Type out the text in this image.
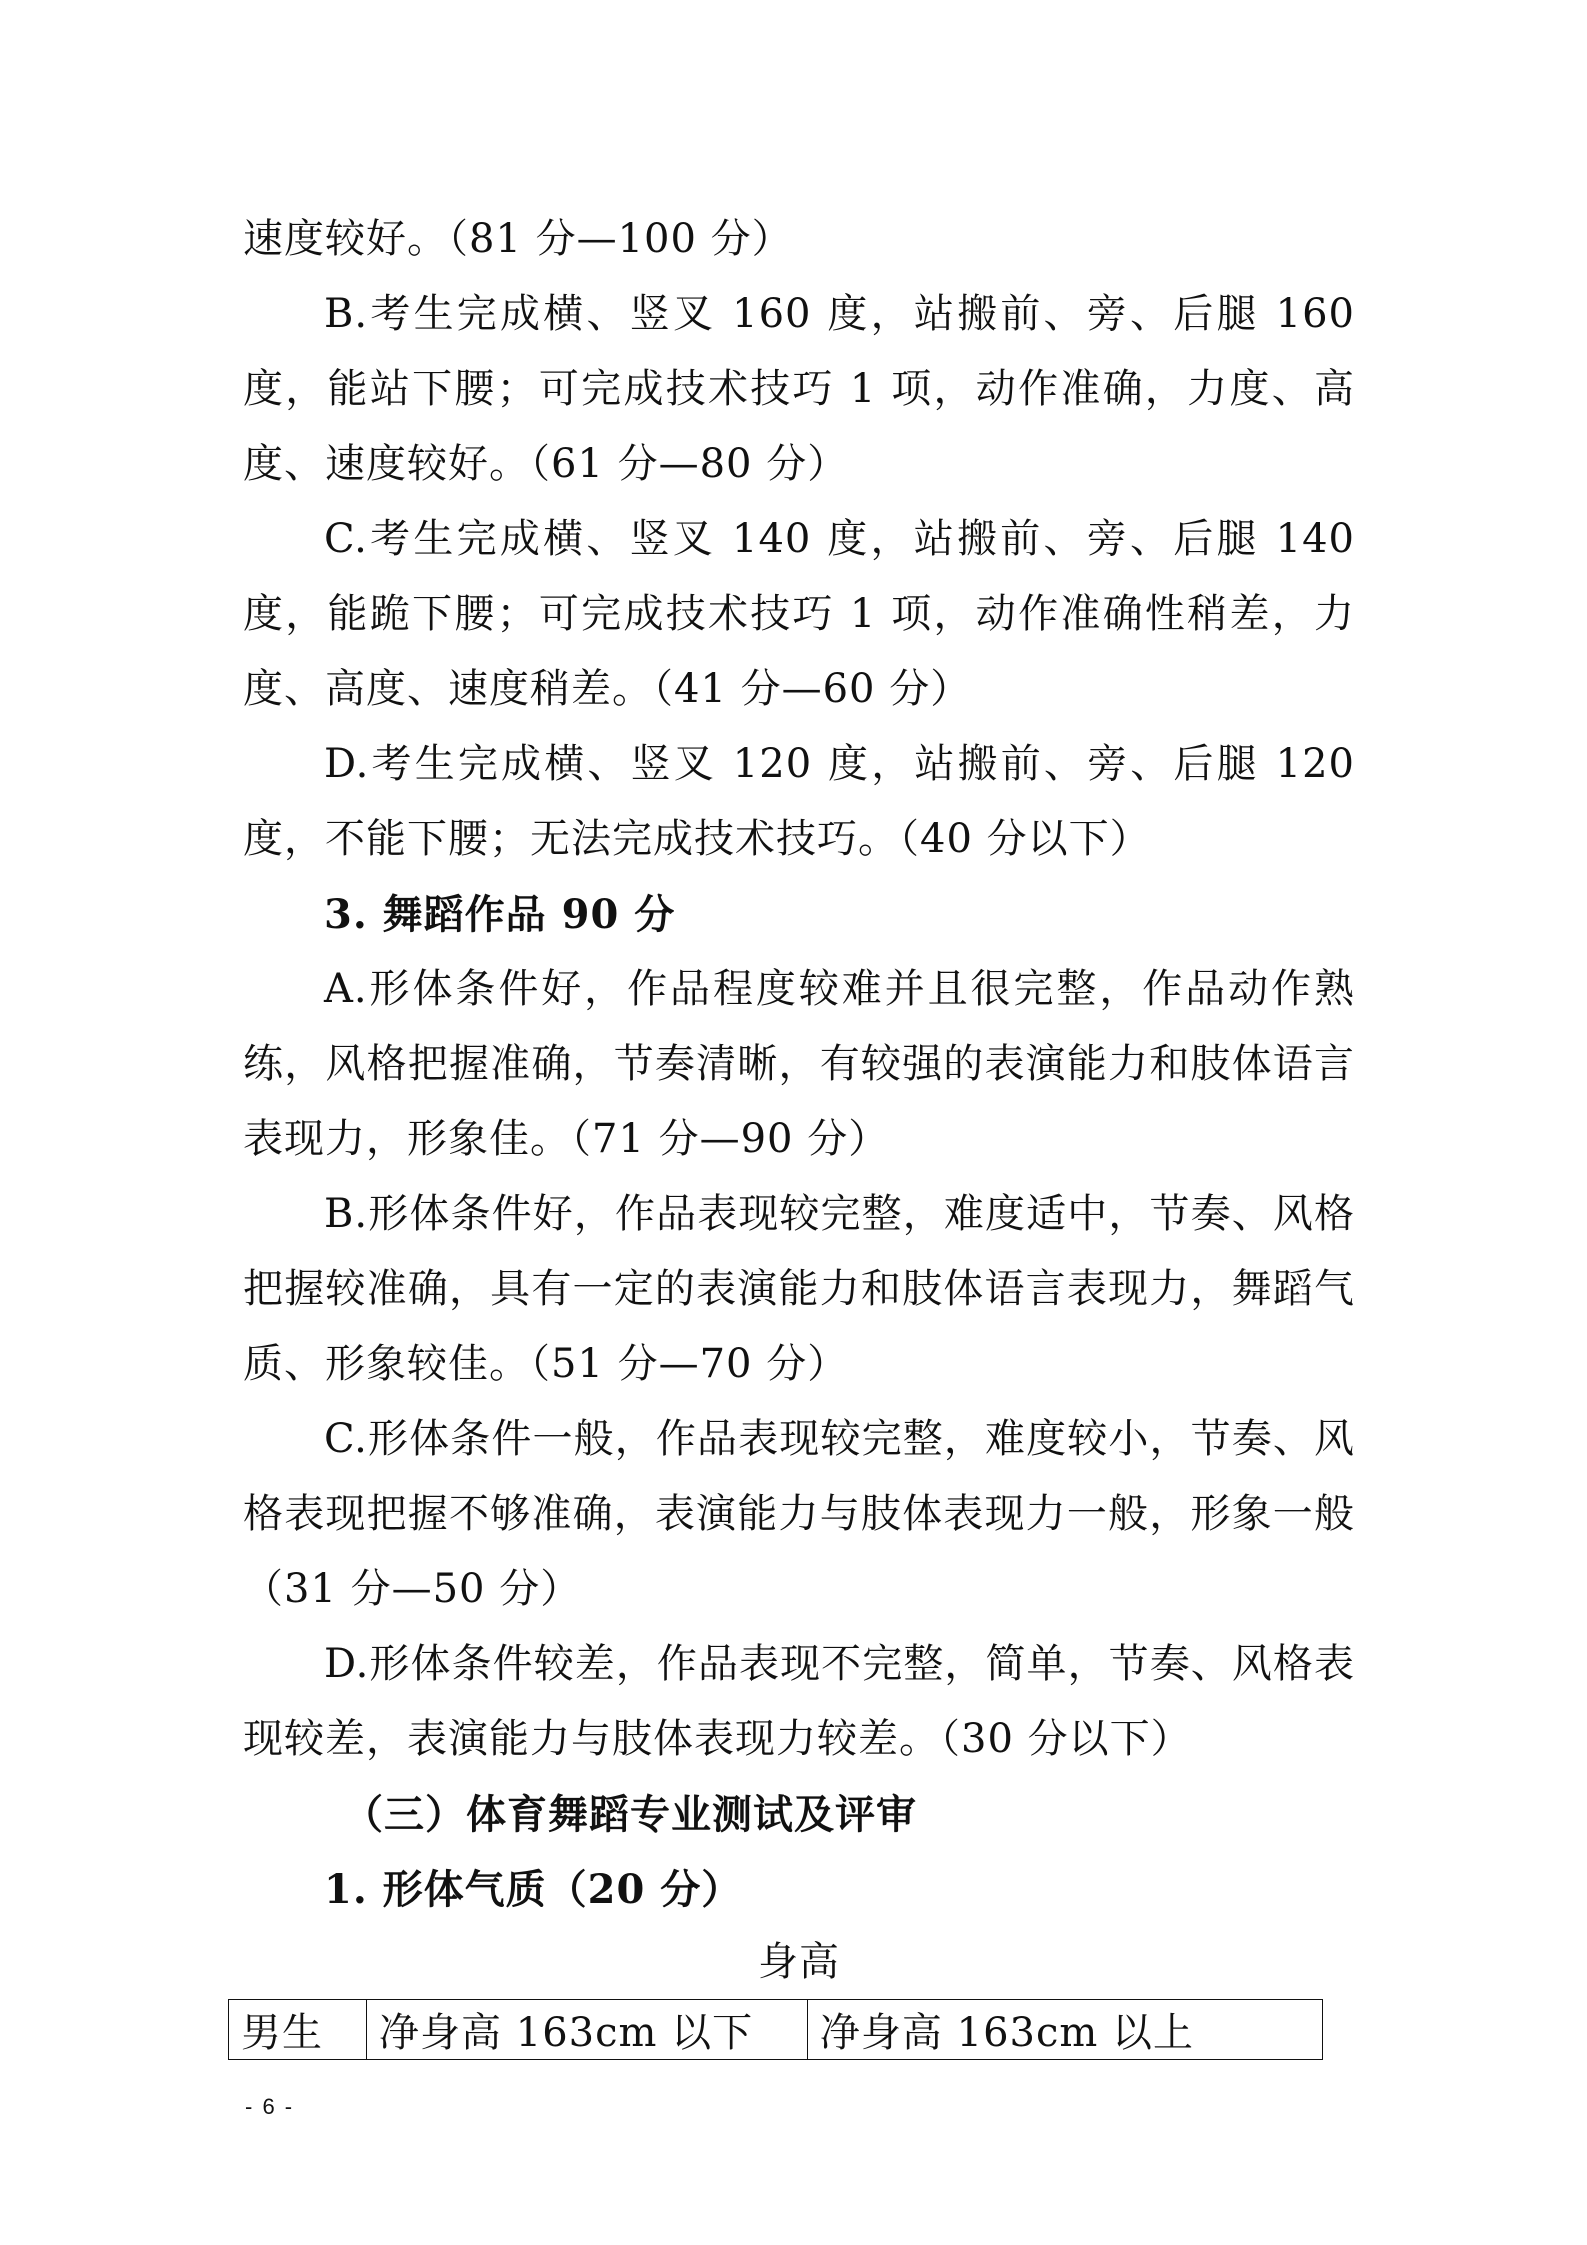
速度较好。（81 分—100 分）

B.考生完成横、竖叉 160 度，站搬前、旁、后腿 160 度，能站下腰；可完成技术技巧 1 项，动作准确，力度、高度、速度较好。（61 分—80 分）

C.考生完成横、竖叉 140 度，站搬前、旁、后腿 140 度，能跪下腰；可完成技术技巧 1 项，动作准确性稍差，力度、高度、速度稍差。（41 分—60 分）

D.考生完成横、竖叉 120 度，站搬前、旁、后腿 120 度，不能下腰；无法完成技术技巧。（40 分以下）

3. 舞蹈作品 90 分

A.形体条件好，作品程度较难并且很完整，作品动作熟练，风格把握准确，节奏清晰，有较强的表演能力和肢体语言表现力，形象佳。（71 分—90 分）

B.形体条件好，作品表现较完整，难度适中，节奏、风格把握较准确，具有一定的表演能力和肢体语言表现力，舞蹈气质、形象较佳。（51 分—70 分）

C.形体条件一般，作品表现较完整，难度较小，节奏、风格表现把握不够准确，表演能力与肢体表现力一般，形象一般（31 分—50 分）

D.形体条件较差，作品表现不完整，简单，节奏、风格表现较差，表演能力与肢体表现力较差。（30 分以下）

（三）体育舞蹈专业测试及评审

1. 形体气质（20 分）

身高
男生	净身高 163cm 以下	净身高 163cm 以上
- 6 -
